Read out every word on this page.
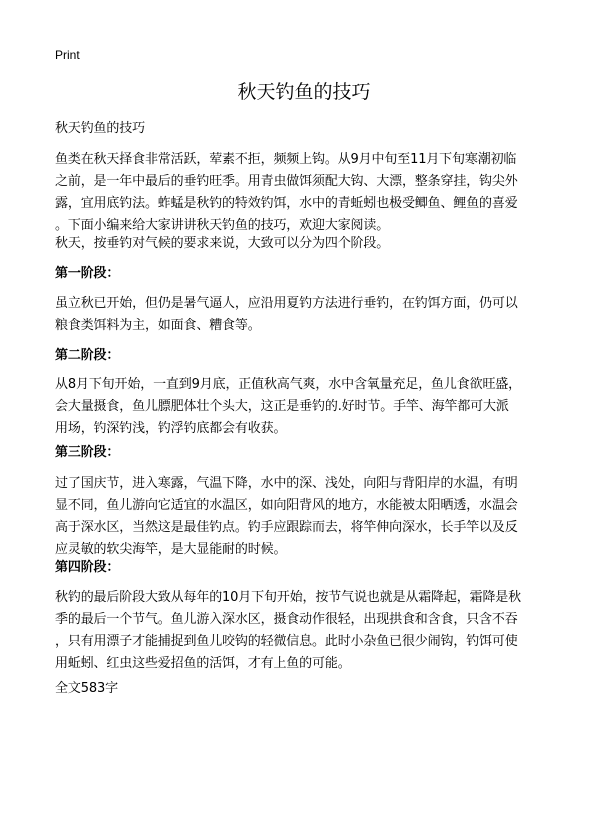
Print
秋天钓鱼的技巧

秋天钓鱼的技巧

鱼类在秋天择食非常活跃，荤素不拒，频频上钩。从9月中旬至11月下旬寒潮初临
之前，是一年中最后的垂钓旺季。用青虫做饵须配大钩、大漂，整条穿挂，钩尖外
露，宜用底钓法。蚱蜢是秋钓的特效钓饵，水中的青蚯蚓也极受鲫鱼、鲤鱼的喜爱
。下面小编来给大家讲讲秋天钓鱼的技巧，欢迎大家阅读。

秋天，按垂钓对气候的要求来说，大致可以分为四个阶段。

第一阶段：

虽立秋已开始，但仍是暑气逼人，应沿用夏钓方法进行垂钓，在钓饵方面，仍可以
粮食类饵料为主，如面食、糟食等。

第二阶段：

从8月下旬开始，一直到9月底，正值秋高气爽，水中含氧量充足，鱼儿食欲旺盛，
会大量摄食，鱼儿膘肥体壮个头大，这正是垂钓的.好时节。手竿、海竿都可大派
用场，钓深钓浅，钓浮钓底都会有收获。

第三阶段：

过了国庆节，进入寒露，气温下降，水中的深、浅处，向阳与背阳岸的水温，有明
显不同，鱼儿游向它适宜的水温区，如向阳背风的地方，水能被太阳晒透，水温会
高于深水区，当然这是最佳钓点。钓手应跟踪而去，将竿伸向深水，长手竿以及反
应灵敏的软尖海竿，是大显能耐的时候。

第四阶段：

秋钓的最后阶段大致从每年的10月下旬开始，按节气说也就是从霜降起，霜降是秋
季的最后一个节气。鱼儿游入深水区，摄食动作很轻，出现拱食和含食，只含不吞
，只有用漂子才能捕捉到鱼儿咬钩的轻微信息。此时小杂鱼已很少闹钩，钓饵可使
用蚯蚓、红虫这些爱招鱼的活饵，才有上鱼的可能。

全文583字
